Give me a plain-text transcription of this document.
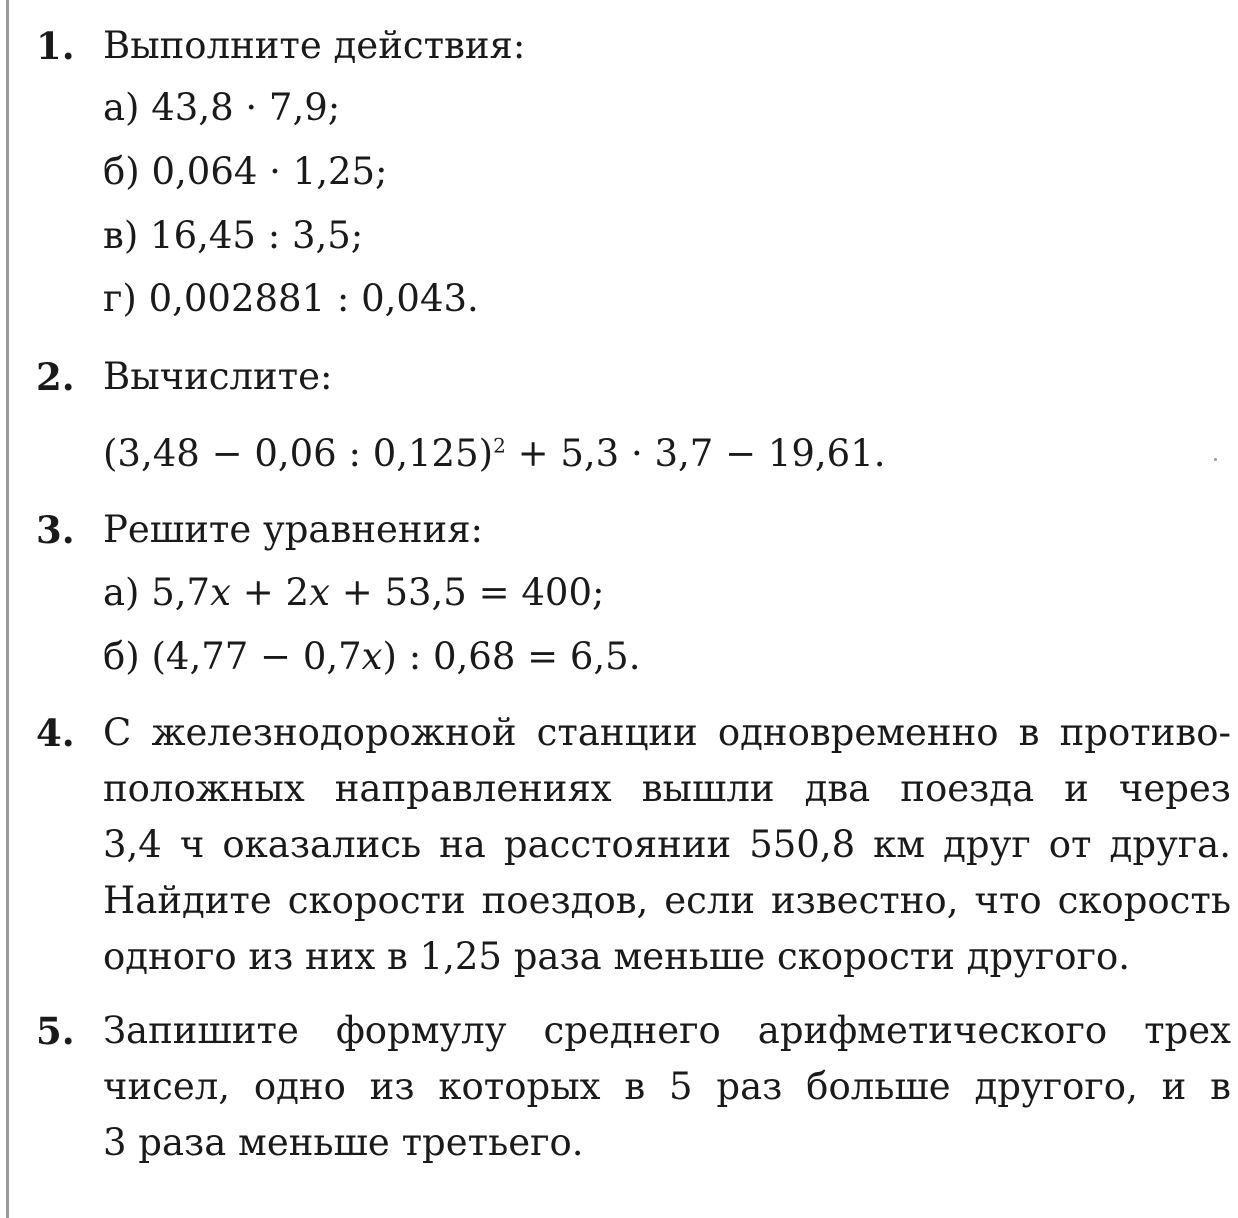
1. Выполните действия:
а) 43,8 · 7,9;
б) 0,064 · 1,25;
в) 16,45 : 3,5;
г) 0,002881 : 0,043.
2. Вычислите:
(3,48 − 0,06 : 0,125)$^2$ + 5,3 · 3,7 − 19,61.
3. Решите уравнения:
а) 5,7x + 2x + 53,5 = 400;
б) (4,77 − 0,7x) : 0,68 = 6,5.
4. С железнодорожной станции одновременно в противо-
положных направлениях вышли два поезда и через
3,4 ч оказались на расстоянии 550,8 км друг от друга.
Найдите скорости поездов, если известно, что скорость
одного из них в 1,25 раза меньше скорости другого.
5. Запишите формулу среднего арифметического трех
чисел, одно из которых в 5 раз больше другого, и в
3 раза меньше третьего.
